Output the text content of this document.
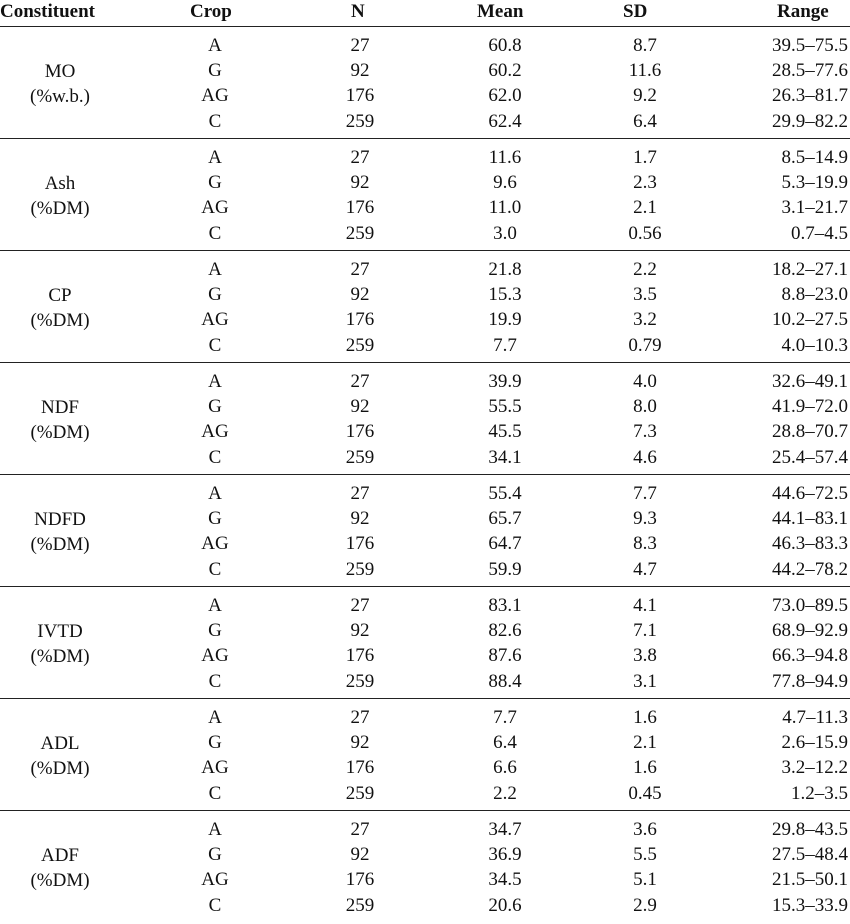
Constituent	Crop	N	Mean	SD	Range
MO
(%w.b.)
A	27	60.8	8.7	39.5–75.5
G	92	60.2	11.6	28.5–77.6
AG	176	62.0	9.2	26.3–81.7
C	259	62.4	6.4	29.9–82.2
Ash
(%DM)
A	27	11.6	1.7	8.5–14.9
G	92	9.6	2.3	5.3–19.9
AG	176	11.0	2.1	3.1–21.7
C	259	3.0	0.56	0.7–4.5
CP
(%DM)
A	27	21.8	2.2	18.2–27.1
G	92	15.3	3.5	8.8–23.0
AG	176	19.9	3.2	10.2–27.5
C	259	7.7	0.79	4.0–10.3
NDF
(%DM)
A	27	39.9	4.0	32.6–49.1
G	92	55.5	8.0	41.9–72.0
AG	176	45.5	7.3	28.8–70.7
C	259	34.1	4.6	25.4–57.4
NDFD
(%DM)
A	27	55.4	7.7	44.6–72.5
G	92	65.7	9.3	44.1–83.1
AG	176	64.7	8.3	46.3–83.3
C	259	59.9	4.7	44.2–78.2
IVTD
(%DM)
A	27	83.1	4.1	73.0–89.5
G	92	82.6	7.1	68.9–92.9
AG	176	87.6	3.8	66.3–94.8
C	259	88.4	3.1	77.8–94.9
ADL
(%DM)
A	27	7.7	1.6	4.7–11.3
G	92	6.4	2.1	2.6–15.9
AG	176	6.6	1.6	3.2–12.2
C	259	2.2	0.45	1.2–3.5
ADF
(%DM)
A	27	34.7	3.6	29.8–43.5
G	92	36.9	5.5	27.5–48.4
AG	176	34.5	5.1	21.5–50.1
C	259	20.6	2.9	15.3–33.9
